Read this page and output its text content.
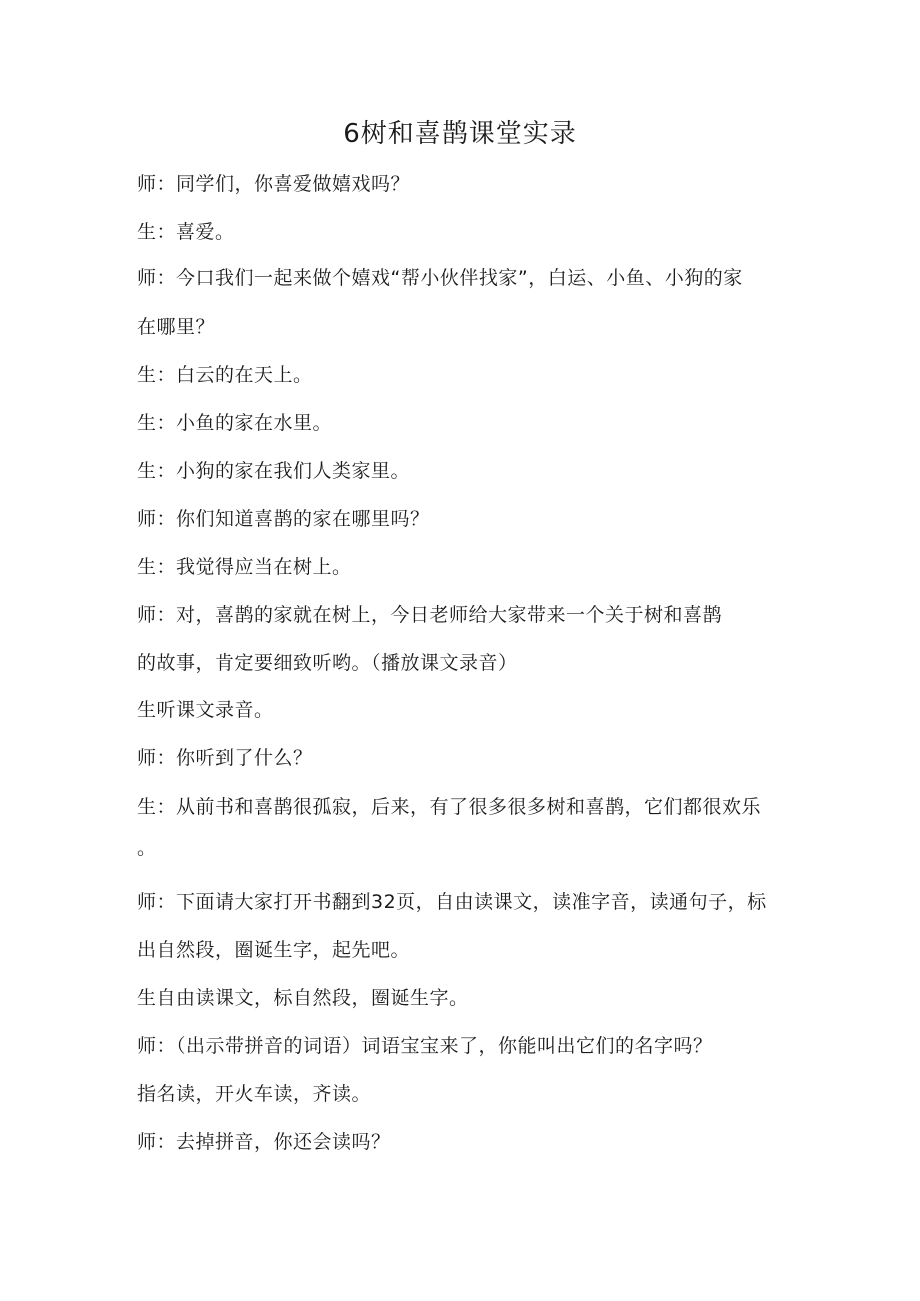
6树和喜鹊课堂实录

师：同学们，你喜爱做嬉戏吗？

生：喜爱。

师：今口我们一起来做个嬉戏“帮小伙伴找家”，白运、小鱼、小狗的家

在哪里？

生：白云的在天上。

生：小鱼的家在水里。

生：小狗的家在我们人类家里。

师：你们知道喜鹊的家在哪里吗？

生：我觉得应当在树上。

师：对，喜鹊的家就在树上，今日老师给大家带来一个关于树和喜鹊

的故事，肯定要细致听哟。（播放课文录音）

生听课文录音。

师：你听到了什么？

生：从前书和喜鹊很孤寂，后来，有了很多很多树和喜鹊，它们都很欢乐

。

师：下面请大家打开书翻到32页，自由读课文，读准字音，读通句子，标

出自然段，圈诞生字，起先吧。

生自由读课文，标自然段，圈诞生字。

师：（出示带拼音的词语）词语宝宝来了，你能叫出它们的名字吗？

指名读，开火车读，齐读。

师：去掉拼音，你还会读吗？
